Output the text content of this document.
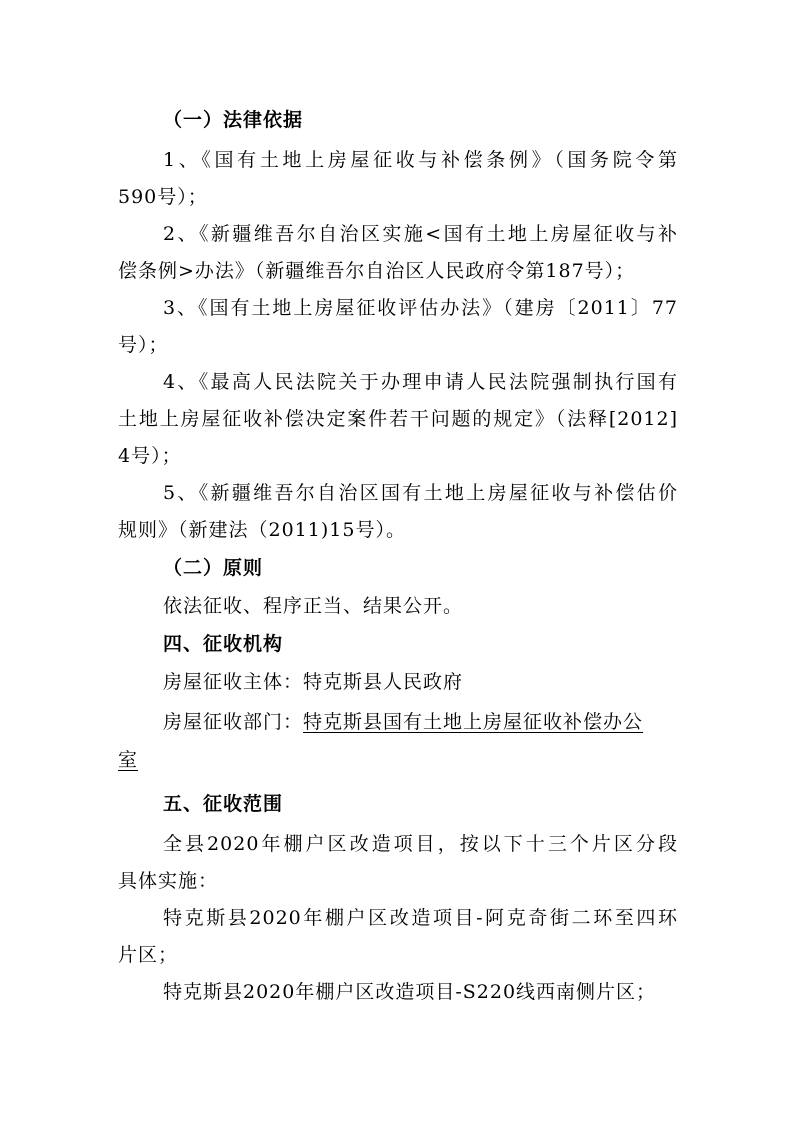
（一）法律依据

1、《国有土地上房屋征收与补偿条例》（国务院令第

590号）；

2、《新疆维吾尔自治区实施<国有土地上房屋征收与补

偿条例>办法》（新疆维吾尔自治区人民政府令第187号）；

3、《国有土地上房屋征收评估办法》（建房〔2011〕77

号）；

4、《最高人民法院关于办理申请人民法院强制执行国有

土地上房屋征收补偿决定案件若干问题的规定》（法释[2012]

4号）；

5、《新疆维吾尔自治区国有土地上房屋征收与补偿估价

规则》（新建法（2011)15号）。

（二）原则

依法征收、程序正当、结果公开。

四、征收机构

房屋征收主体：特克斯县人民政府

房屋征收部门：特克斯县国有土地上房屋征收补偿办公

室

五、征收范围

全县2020年棚户区改造项目，按以下十三个片区分段

具体实施：

特克斯县2020年棚户区改造项目-阿克奇街二环至四环

片区；

特克斯县2020年棚户区改造项目-S220线西南侧片区；
